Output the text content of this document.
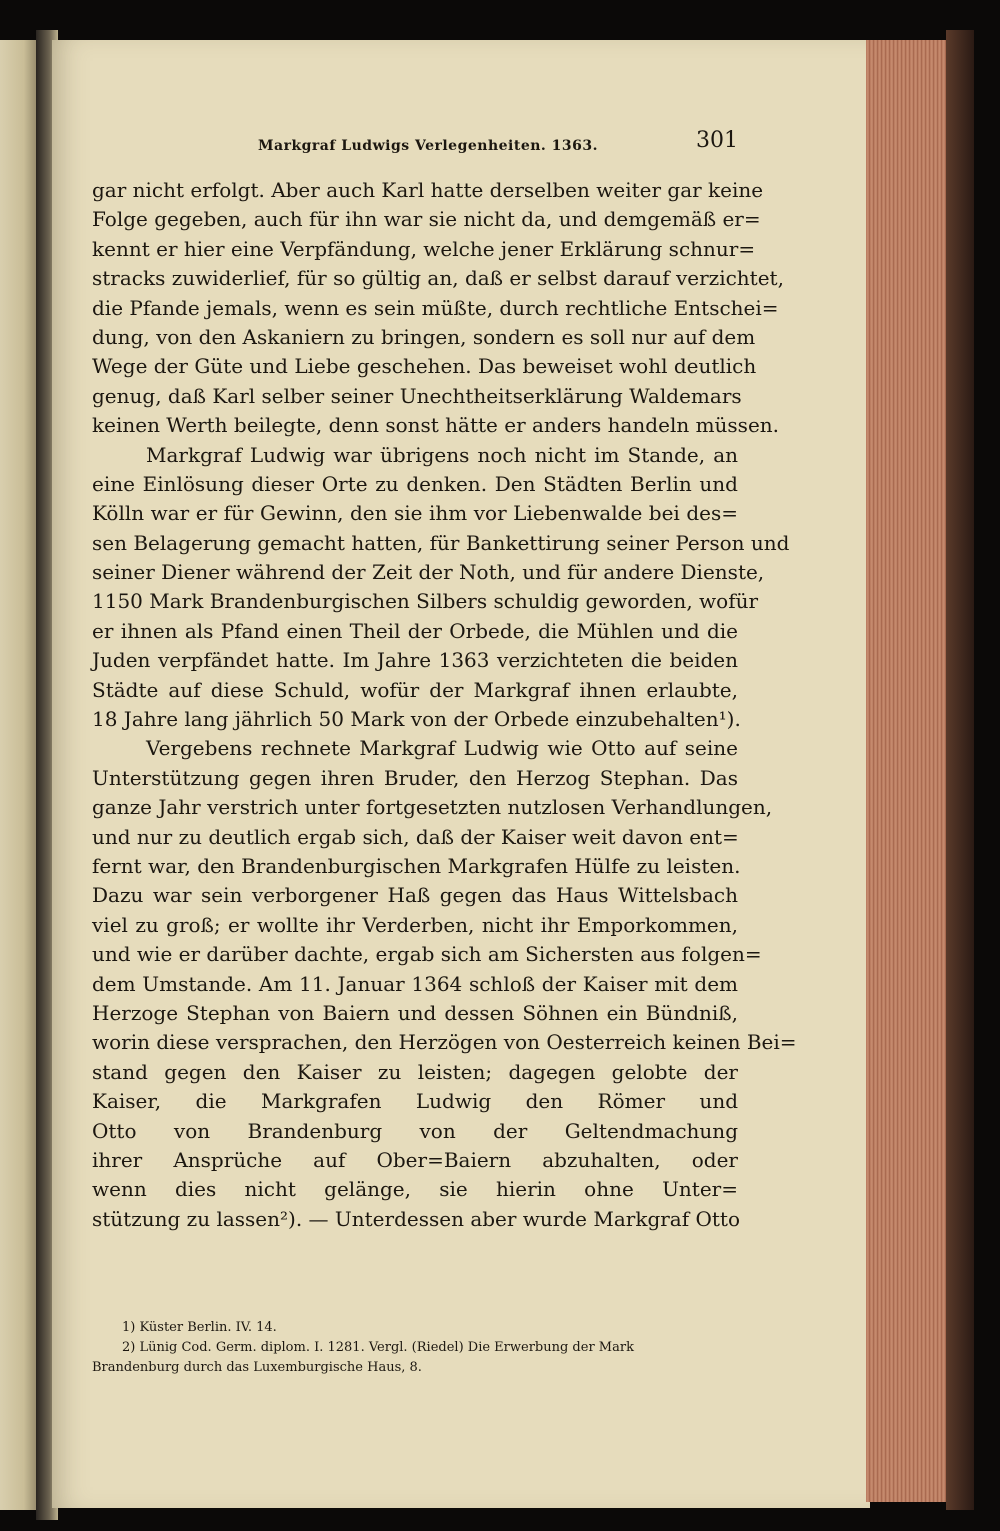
Markgraf Ludwigs Verlegenheiten. 1363.	301
gar nicht erfolgt. Aber auch Karl hatte derselben weiter gar keine
Folge gegeben, auch für ihn war sie nicht da, und demgemäß er=
kennt er hier eine Verpfändung, welche jener Erklärung schnur=
stracks zuwiderlief, für so gültig an, daß er selbst darauf verzichtet,
die Pfande jemals, wenn es sein müßte, durch rechtliche Entschei=
dung, von den Askaniern zu bringen, sondern es soll nur auf dem
Wege der Güte und Liebe geschehen. Das beweiset wohl deutlich
genug, daß Karl selber seiner Unechtheitserklärung Waldemars
keinen Werth beilegte, denn sonst hätte er anders handeln müssen.
Markgraf Ludwig war übrigens noch nicht im Stande, an
eine Einlösung dieser Orte zu denken. Den Städten Berlin und
Kölln war er für Gewinn, den sie ihm vor Liebenwalde bei des=
sen Belagerung gemacht hatten, für Bankettirung seiner Person und
seiner Diener während der Zeit der Noth, und für andere Dienste,
1150 Mark Brandenburgischen Silbers schuldig geworden, wofür
er ihnen als Pfand einen Theil der Orbede, die Mühlen und die
Juden verpfändet hatte. Im Jahre 1363 verzichteten die beiden
Städte auf diese Schuld, wofür der Markgraf ihnen erlaubte,
18 Jahre lang jährlich 50 Mark von der Orbede einzubehalten¹).
Vergebens rechnete Markgraf Ludwig wie Otto auf seine
Unterstützung gegen ihren Bruder, den Herzog Stephan. Das
ganze Jahr verstrich unter fortgesetzten nutzlosen Verhandlungen,
und nur zu deutlich ergab sich, daß der Kaiser weit davon ent=
fernt war, den Brandenburgischen Markgrafen Hülfe zu leisten.
Dazu war sein verborgener Haß gegen das Haus Wittelsbach
viel zu groß; er wollte ihr Verderben, nicht ihr Emporkommen,
und wie er darüber dachte, ergab sich am Sichersten aus folgen=
dem Umstande. Am 11. Januar 1364 schloß der Kaiser mit dem
Herzoge Stephan von Baiern und dessen Söhnen ein Bündniß,
worin diese versprachen, den Herzögen von Oesterreich keinen Bei=
stand gegen den Kaiser zu leisten; dagegen gelobte der
Kaiser, die Markgrafen Ludwig den Römer und
Otto von Brandenburg von der Geltendmachung
ihrer Ansprüche auf Ober=Baiern abzuhalten, oder
wenn dies nicht gelänge, sie hierin ohne Unter=
stützung zu lassen²). — Unterdessen aber wurde Markgraf Otto
1) Küster Berlin. IV. 14.
2) Lünig Cod. Germ. diplom. I. 1281. Vergl. (Riedel) Die Erwerbung der Mark
Brandenburg durch das Luxemburgische Haus, 8.
